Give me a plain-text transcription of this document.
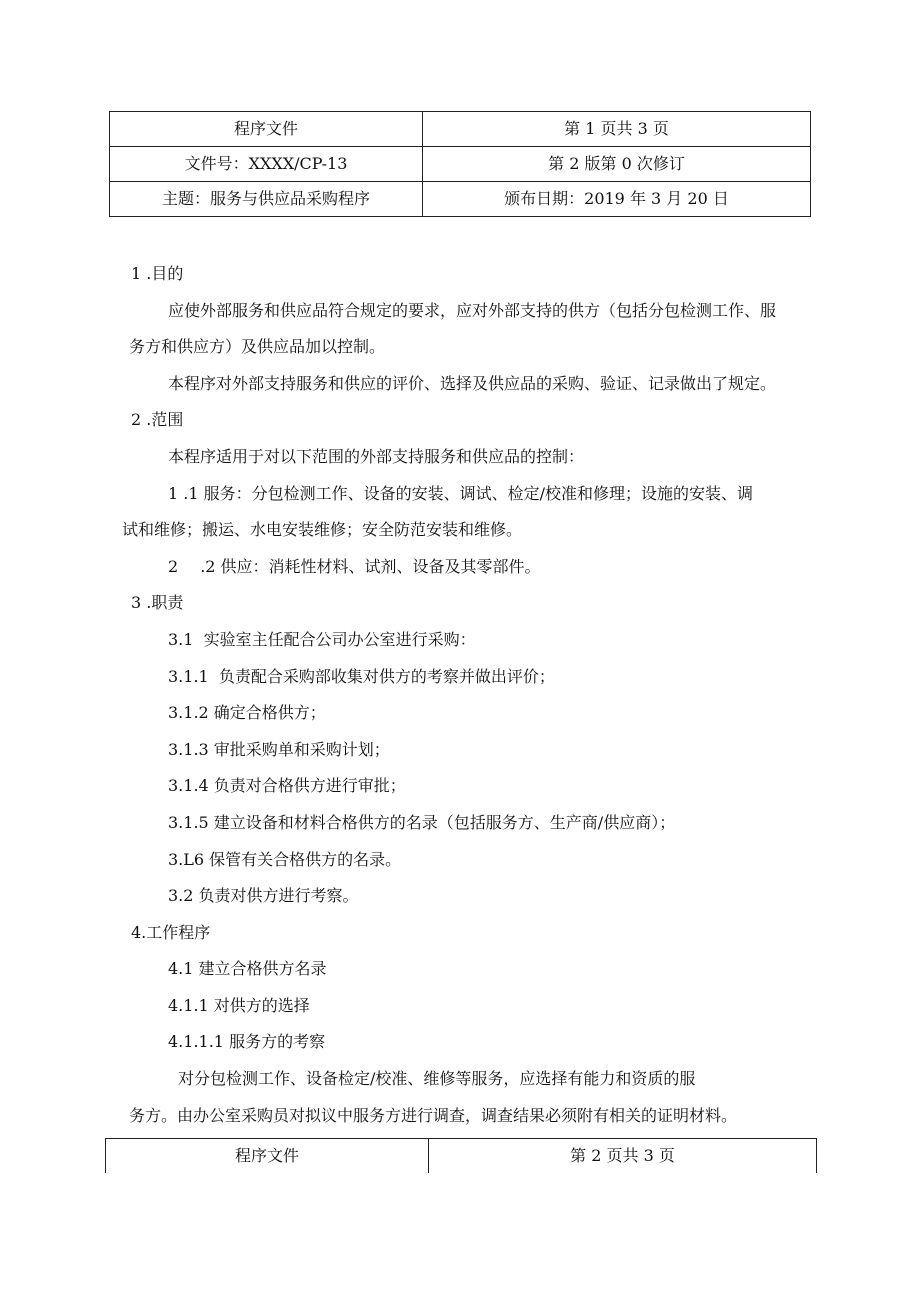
程序文件	第 1 页共 3 页
文件号：XXXX/CP-13	第 2 版第 0 次修订
主题：服务与供应品采购程序	颁布日期：2019 年 3 月 20 日

1 .目的

应使外部服务和供应品符合规定的要求，应对外部支持的供方（包括分包检测工作、服

务方和供应方）及供应品加以控制。

本程序对外部支持服务和供应的评价、选择及供应品的采购、验证、记录做出了规定。

2 .范围

本程序适用于对以下范围的外部支持服务和供应品的控制：

1 .1 服务：分包检测工作、设备的安装、调试、检定/校准和修理；设施的安装、调

试和维修；搬运、水电安装维修；安全防范安装和维修。

2 .2 供应：消耗性材料、试剂、设备及其零部件。

3 .职责

3.1  实验室主任配合公司办公室进行采购：

3.1.1  负责配合采购部收集对供方的考察并做出评价；

3.1.2 确定合格供方；

3.1.3 审批采购单和采购计划；

3.1.4 负责对合格供方进行审批；

3.1.5 建立设备和材料合格供方的名录（包括服务方、生产商/供应商）；

3.L6 保管有关合格供方的名录。

3.2 负责对供方进行考察。

4.工作程序

4.1 建立合格供方名录

4.1.1 对供方的选择

4.1.1.1 服务方的考察

对分包检测工作、设备检定/校准、维修等服务，应选择有能力和资质的服

务方。由办公室采购员对拟议中服务方进行调查，调查结果必须附有相关的证明材料。

程序文件	第 2 页共 3 页
